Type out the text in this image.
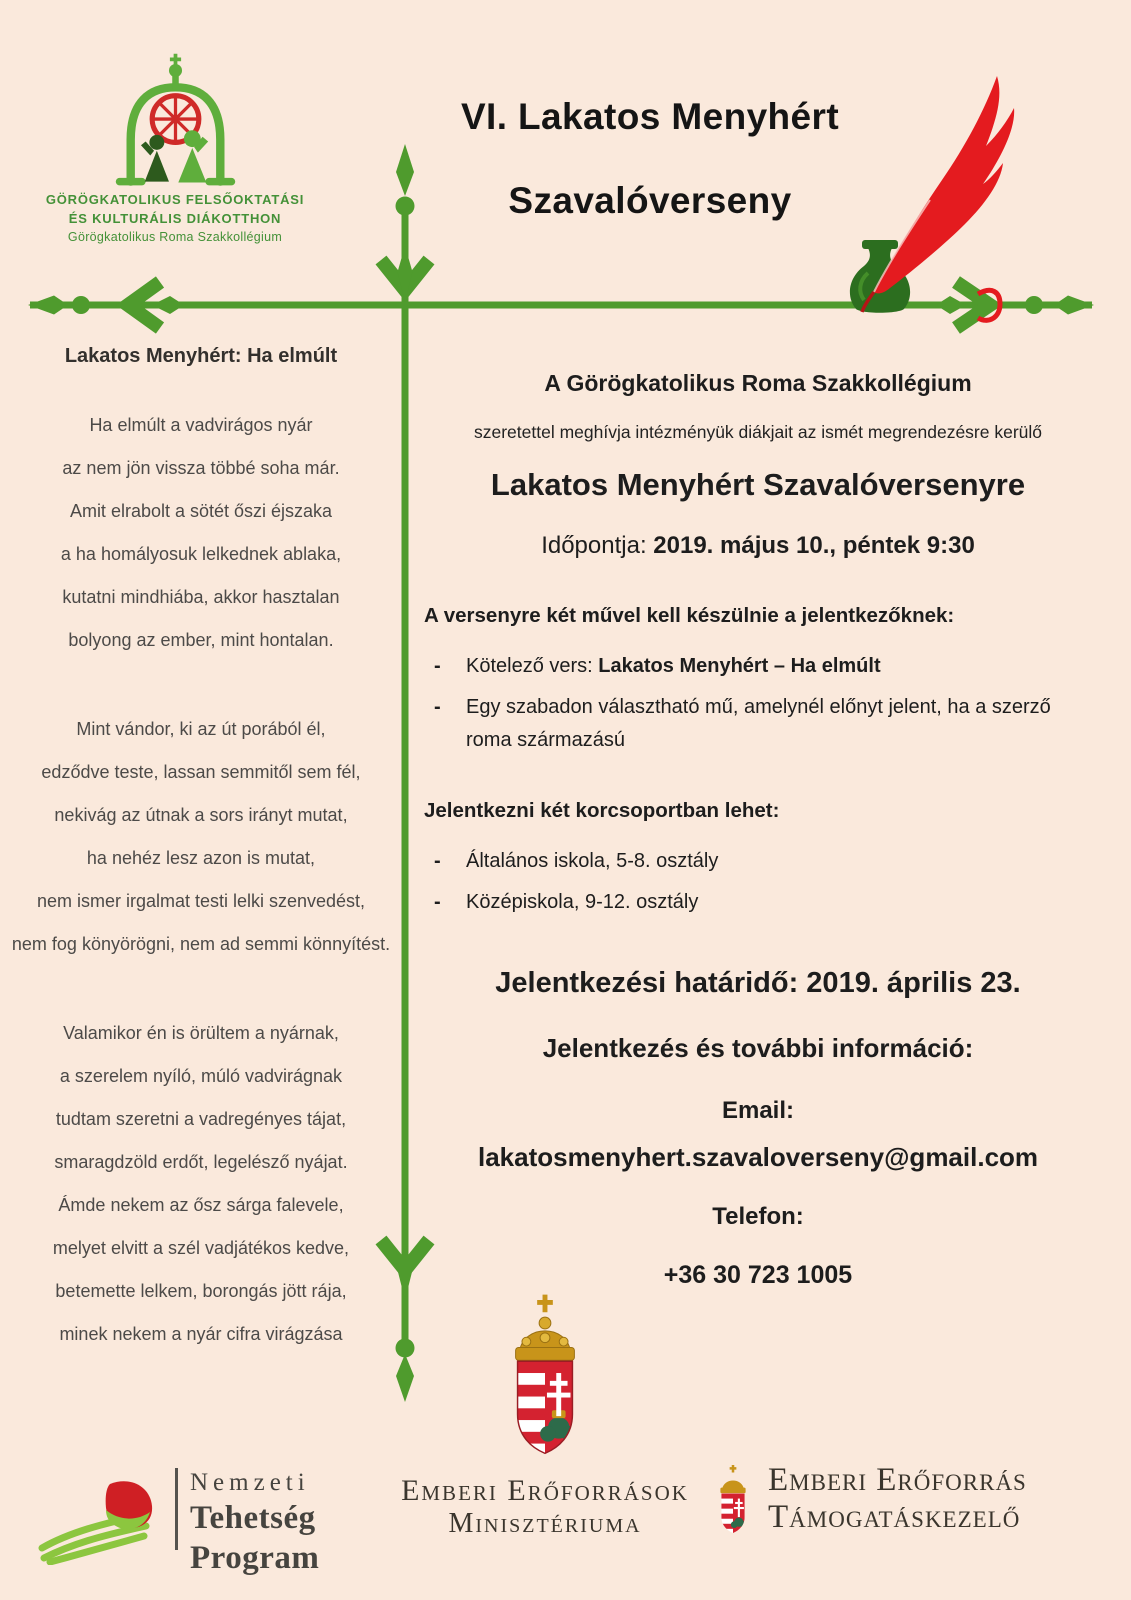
GÖRÖGKATOLIKUS FELSŐOKTATÁSI
ÉS KULTURÁLIS DIÁKOTTHON
Görögkatolikus Roma Szakkollégium
VI. Lakatos Menyhért
Szavalóverseny
Lakatos Menyhért: Ha elmúlt
Ha elmúlt a vadvirágos nyár
az nem jön vissza többé soha már.
Amit elrabolt a sötét őszi éjszaka
a ha homályosuk lelkednek ablaka,
kutatni mindhiába, akkor hasztalan
bolyong az ember, mint hontalan.
Mint vándor, ki az út porából él,
edződve teste, lassan semmitől sem fél,
nekivág az útnak a sors irányt mutat,
ha nehéz lesz azon is mutat,
nem ismer irgalmat testi lelki szenvedést,
nem fog könyörögni, nem ad semmi könnyítést.
Valamikor én is örültem a nyárnak,
a szerelem nyíló, múló vadvirágnak
tudtam szeretni a vadregényes tájat,
smaragdzöld erdőt, legelésző nyájat.
Ámde nekem az ősz sárga falevele,
melyet elvitt a szél vadjátékos kedve,
betemette lelkem, borongás jött rája,
minek nekem a nyár cifra virágzása
A Görögkatolikus Roma Szakkollégium
szeretettel meghívja intézményük diákjait az ismét megrendezésre kerülő
Lakatos Menyhért Szavalóversenyre
Időpontja: 2019. május 10., péntek 9:30
A versenyre két művel kell készülnie a jelentkezőknek:
-	Kötelező vers: Lakatos Menyhért – Ha elmúlt
-	Egy szabadon választható mű, amelynél előnyt jelent, ha a szerző roma származású
Jelentkezni két korcsoportban lehet:
-	Általános iskola, 5-8. osztály
-	Középiskola, 9-12. osztály
Jelentkezési határidő: 2019. április 23.
Jelentkezés és további információ:
Email:
lakatosmenyhert.szavaloverseny@gmail.com
Telefon:
+36 30 723 1005
Nemzeti
Tehetség Program
Emberi Erőforrások
Minisztériuma
Emberi Erőforrás
Támogatáskezelő
